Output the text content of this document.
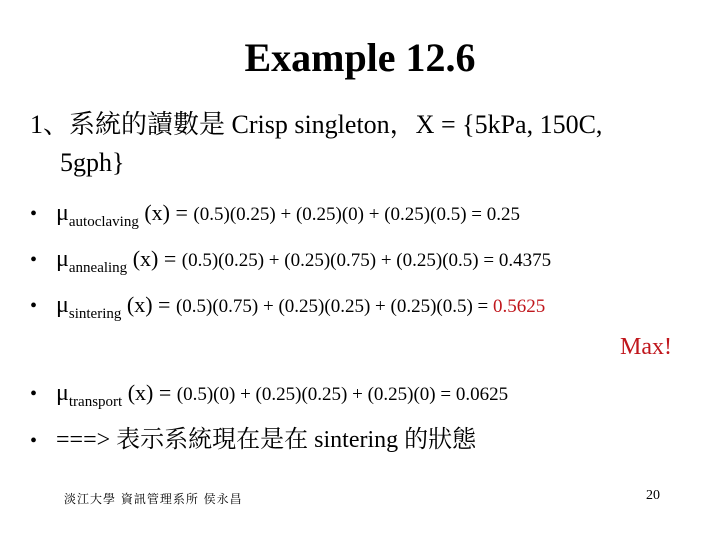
Example 12.6
1、系統的讀數是 Crisp singleton，X = {5kPa, 150C,
5gph}
• $\mu_{autoclaving}$ (x) = (0.5)(0.25) + (0.25)(0) + (0.25)(0.5) = 0.25
• $\mu_{annealing}$ (x) = (0.5)(0.25) + (0.25)(0.75) + (0.25)(0.5) = 0.4375
• $\mu_{sintering}$ (x) = (0.5)(0.75) + (0.25)(0.25) + (0.25)(0.5) = 0.5625
Max!
• $\mu_{transport}$ (x) = (0.5)(0) + (0.25)(0.25) + (0.25)(0) = 0.0625
• ===> 表示系統現在是在 sintering 的狀態
淡江大學 資訊管理系所 侯永昌	20
